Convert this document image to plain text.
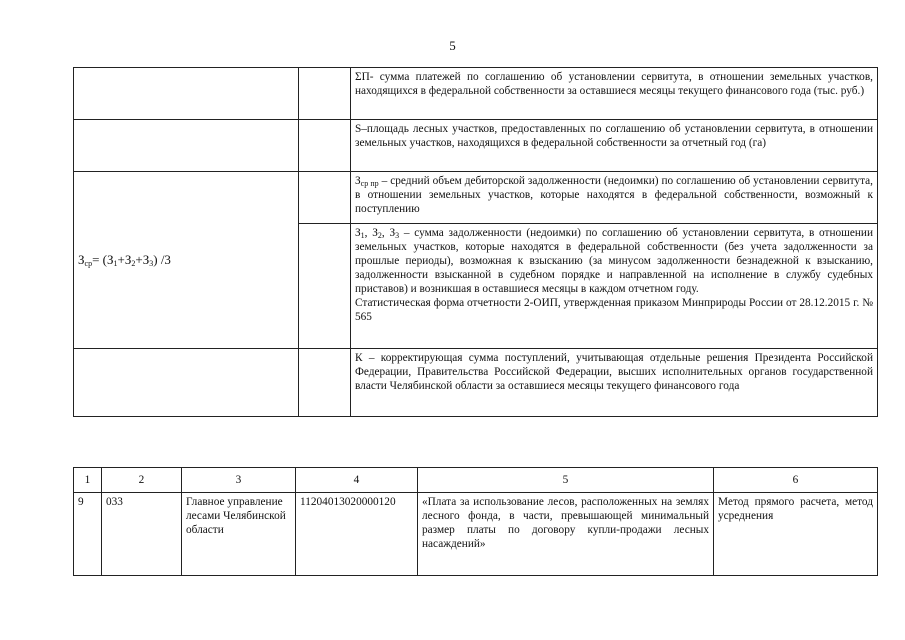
5
		ΣП- сумма платежей по соглашению об установлении сервитута, в отношении земельных участков, находящихся в федеральной собственности за оставшиеся месяцы текущего финансового года (тыс. руб.)
		S–площадь лесных участков, предоставленных по соглашению об установлении сервитута, в отношении земельных участков, находящихся в федеральной собственности за отчетный год (га)
$З_{ср}= (З_1+З_2+З_3)$ /3		$З_{ср пр}$ – средний объем дебиторской задолженности (недоимки) по соглашению об установлении сервитута, в отношении земельных участков, которые находятся в федеральной собственности, возможный к поступлению
		$З_1$, $З_2$, $З_3$ – сумма задолженности (недоимки) по соглашению об установлении сервитута, в отношении земельных участков, которые находятся в федеральной собственности (без учета задолженности за прошлые периоды), возможная к взысканию (за минусом задолженности безнадежной к взысканию, задолженности взысканной в судебном порядке и направленной на исполнение в службу судебных приставов) и возникшая в оставшиеся месяцы в каждом отчетном году.
Статистическая форма отчетности 2-ОИП, утвержденная приказом Минприроды России от 28.12.2015 г. № 565
		К – корректирующая сумма поступлений, учитывающая отдельные решения Президента Российской Федерации, Правительства Российской Федерации, высших исполнительных органов государственной власти Челябинской области за оставшиеся месяцы текущего финансового года
1	2	3	4	5	6
9	033	Главное управление лесами Челябинской области	11204013020000120	«Плата за использование лесов, расположенных на землях лесного фонда, в части, превышающей минимальный размер платы по договору купли-продажи лесных насаждений»	Метод прямого расчета, метод усреднения
